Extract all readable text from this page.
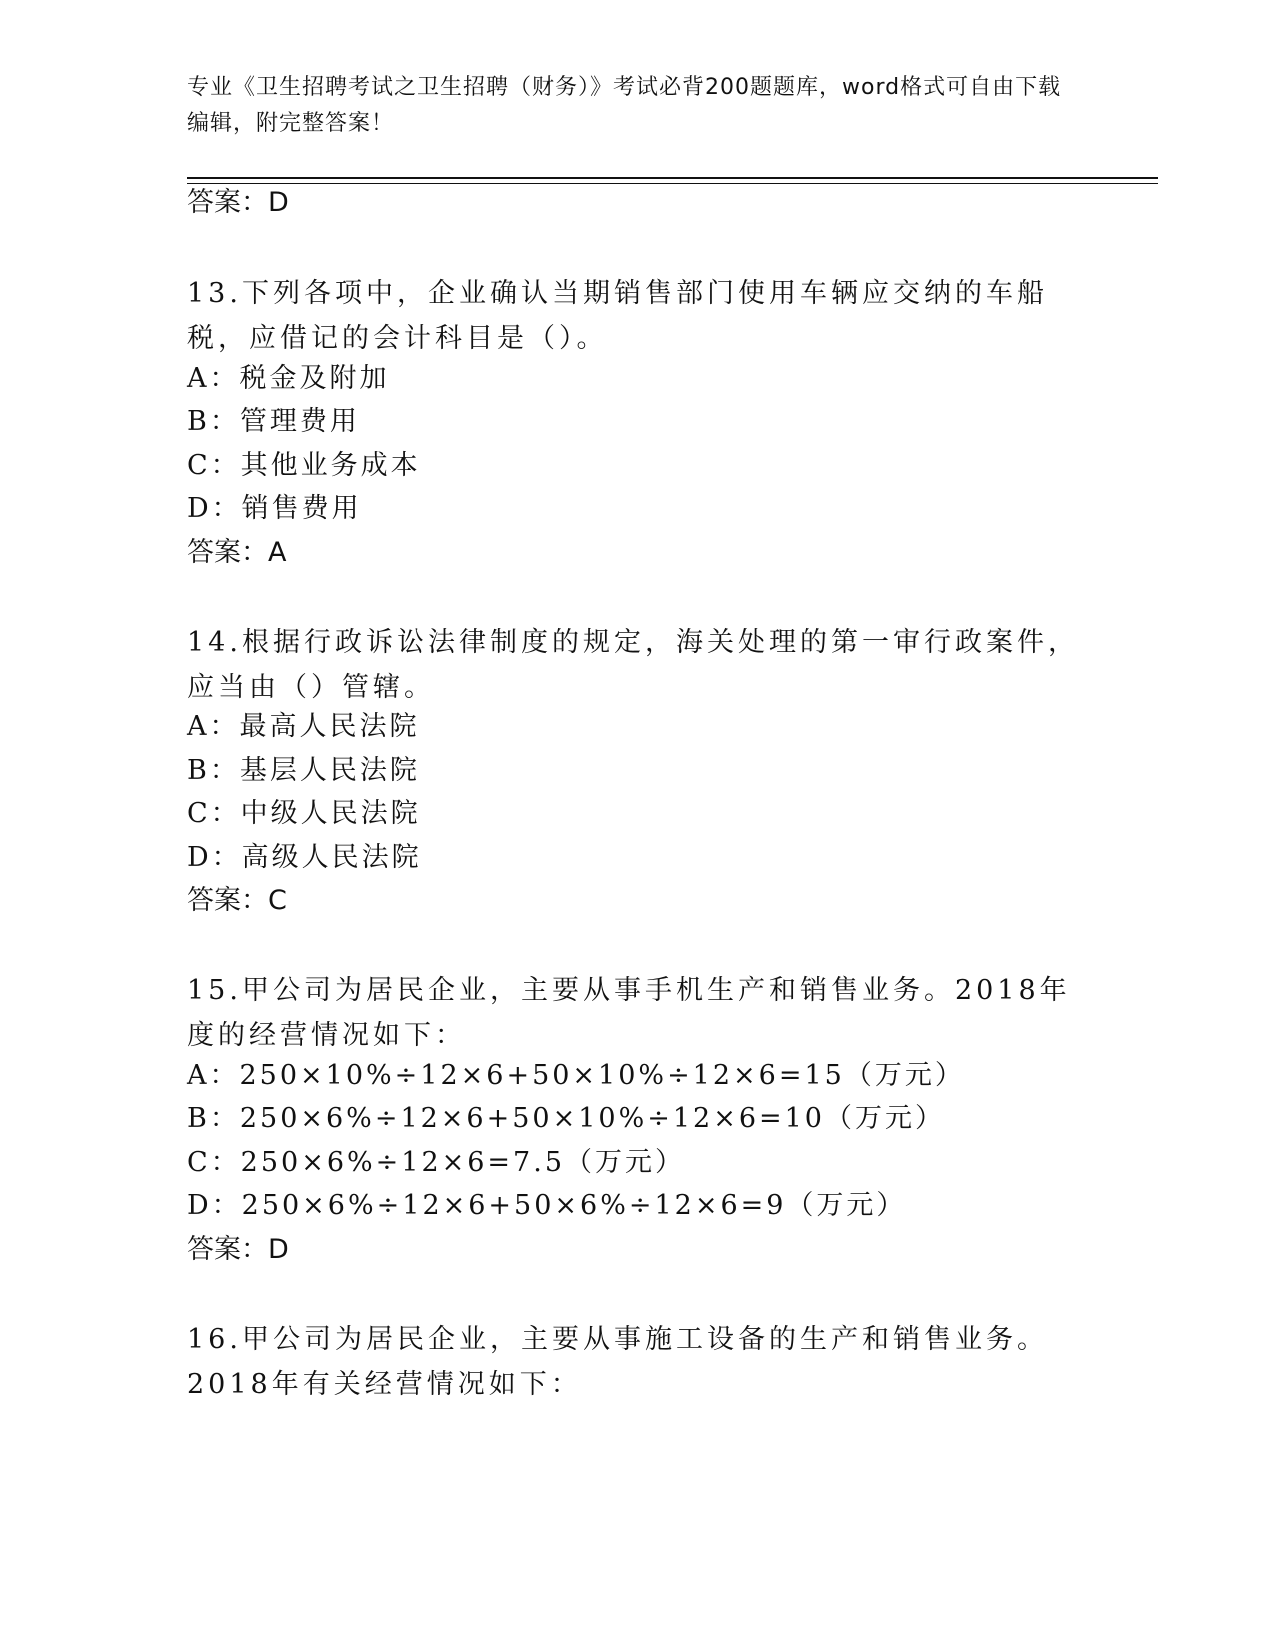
专业《卫生招聘考试之卫生招聘（财务）》考试必背200题题库，word格式可自由下载编辑，附完整答案！
答案：D
13.下列各项中，企业确认当期销售部门使用车辆应交纳的车船税，应借记的会计科目是（）。
A：税金及附加
B：管理费用
C：其他业务成本
D：销售费用
答案：A
14.根据行政诉讼法律制度的规定，海关处理的第一审行政案件，应当由（）管辖。
A：最高人民法院
B：基层人民法院
C：中级人民法院
D：高级人民法院
答案：C
15.甲公司为居民企业，主要从事手机生产和销售业务。2018年度的经营情况如下：
A：250×10%÷12×6+50×10%÷12×6=15（万元）
B：250×6%÷12×6+50×10%÷12×6=10（万元）
C：250×6%÷12×6=7.5（万元）
D：250×6%÷12×6+50×6%÷12×6=9（万元）
答案：D
16.甲公司为居民企业，主要从事施工设备的生产和销售业务。2018年有关经营情况如下：
